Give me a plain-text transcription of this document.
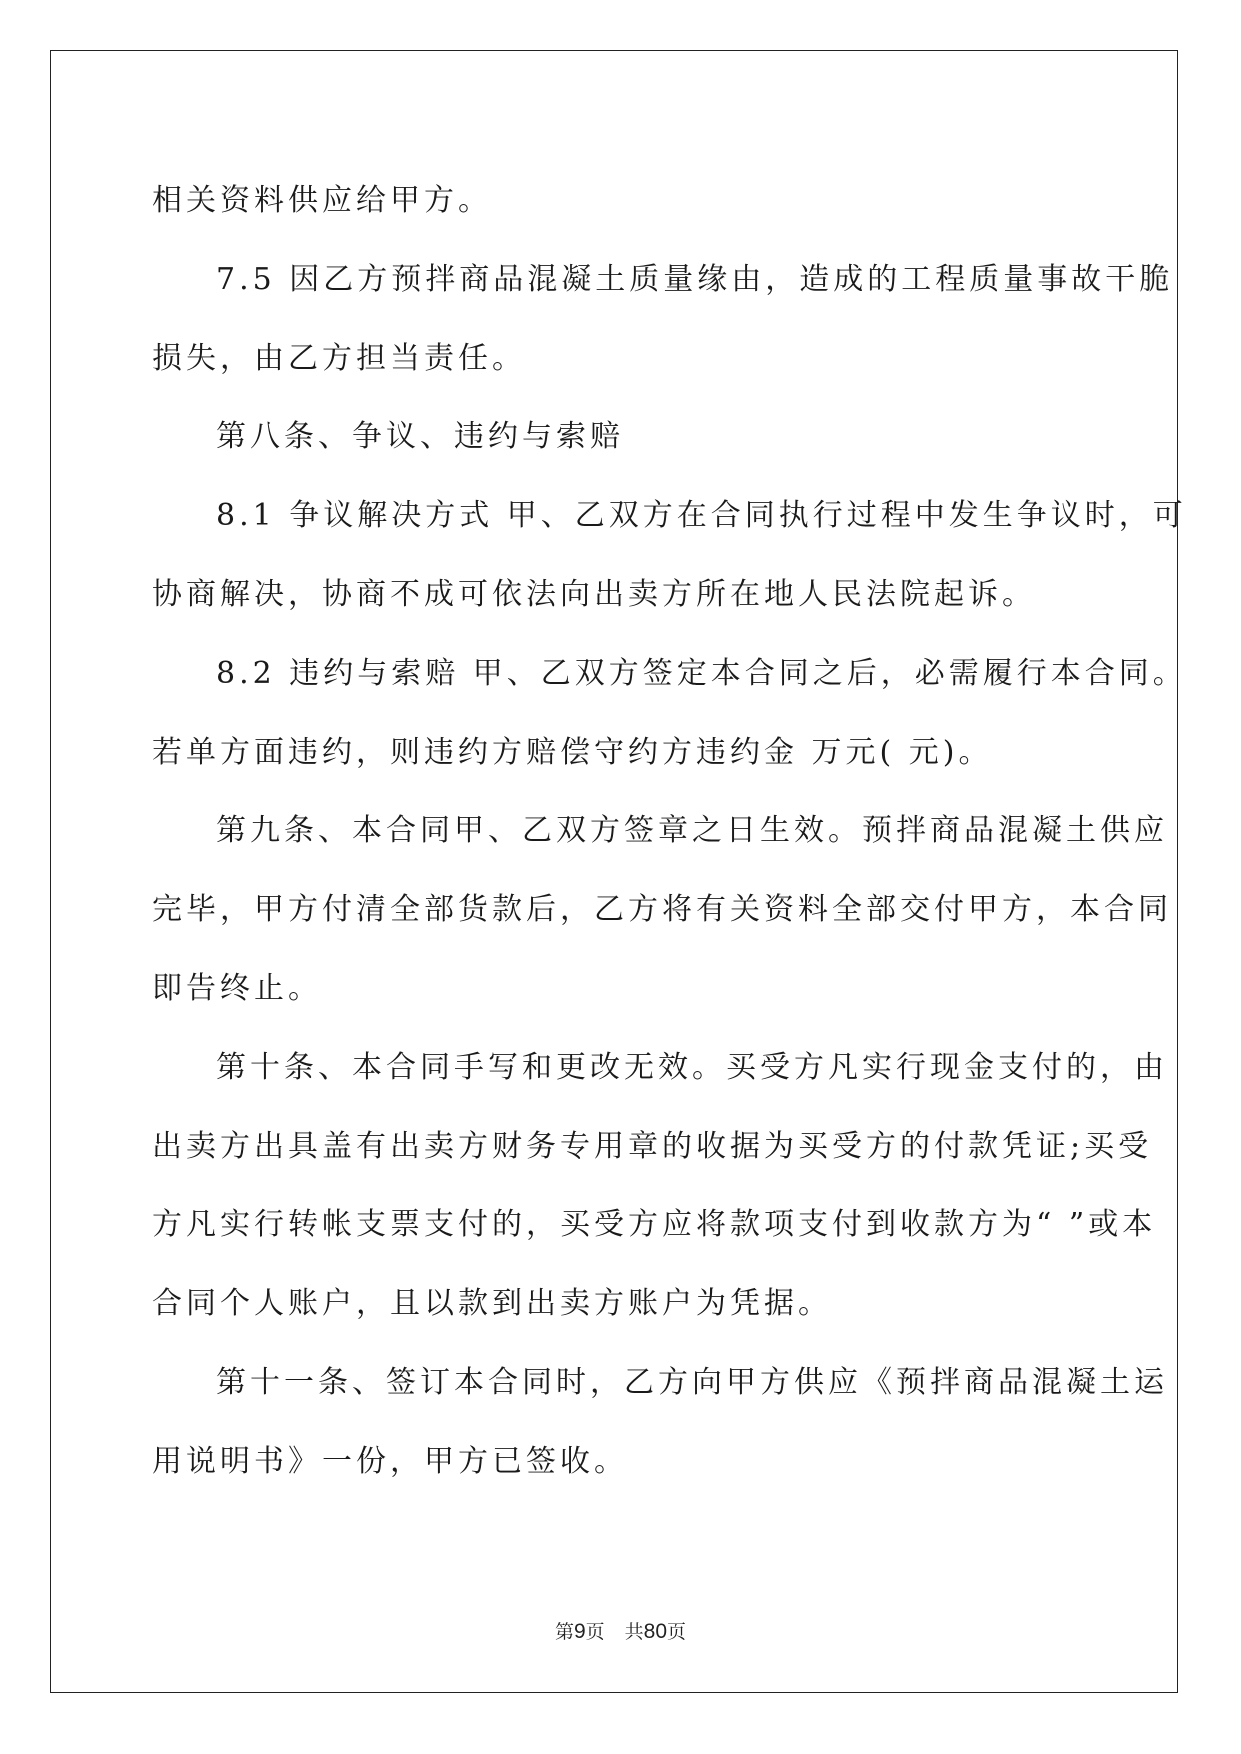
相关资料供应给甲方。
7.5 因乙方预拌商品混凝土质量缘由，造成的工程质量事故干脆
损失，由乙方担当责任。
第八条、争议、违约与索赔
8.1 争议解决方式 甲、乙双方在合同执行过程中发生争议时，可
协商解决，协商不成可依法向出卖方所在地人民法院起诉。
8.2 违约与索赔 甲、乙双方签定本合同之后，必需履行本合同。
若单方面违约，则违约方赔偿守约方违约金 万元( 元)。
第九条、本合同甲、乙双方签章之日生效。预拌商品混凝土供应
完毕，甲方付清全部货款后，乙方将有关资料全部交付甲方，本合同
即告终止。
第十条、本合同手写和更改无效。买受方凡实行现金支付的，由
出卖方出具盖有出卖方财务专用章的收据为买受方的付款凭证;买受
方凡实行转帐支票支付的，买受方应将款项支付到收款方为“ ”或本
合同个人账户，且以款到出卖方账户为凭据。
第十一条、签订本合同时，乙方向甲方供应《预拌商品混凝土运
用说明书》一份，甲方已签收。
第9页 共80页
